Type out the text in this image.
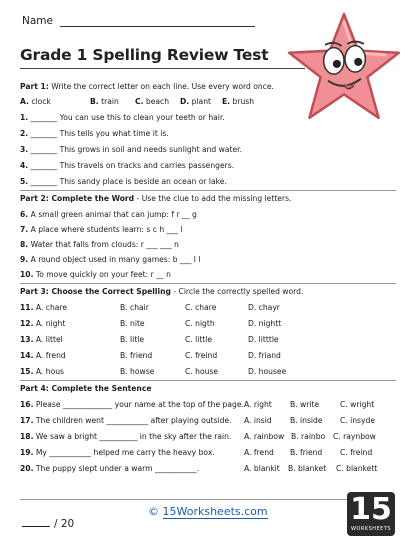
Name
Grade 1 Spelling Review Test
Part 1: Write the correct letter on each line. Use every word once.
A. clock	B. train C. beach D. plant E. brush
1. _______ You can use this to clean your teeth or hair.
2. _______ This tells you what time it is.
3. _______ This grows in soil and needs sunlight and water.
4. _______ This travels on tracks and carries passengers.
5. _______ This sandy place is beside an ocean or lake.
Part 2: Complete the Word - Use the clue to add the missing letters.
6. A small green animal that can jump: f r __ g
7. A place where students learn: s c h ___ l
8. Water that falls from clouds: r ___ ___ n
9. A round object used in many games: b ___ l l
10. To move quickly on your feet: r __ n
Part 3: Choose the Correct Spelling - Circle the correctly spelled word.
11. A. chare	B. chair	C. chare	D. chayr
12. A. night	B. nite	C. nigth	D. nightt
13. A. littel	B. litle	C. little	D. litttle
14. A. frend	B. friend	C. freind	D. friand
15. A. hous	B. howse	C. house	D. housee
Part 4: Complete the Sentence
16. Please _____________ your name at the top of the page. A. right B. write	C. wright
17. The children went ___________ after playing outside. A. insid B. inside C. insyde
18. We saw a bright __________ in the sky after the rain. A. rainbow B. rainbo C. raynbow
19. My ___________ helped me carry the heavy box.	A. frend B. friend C. freind
20. The puppy slept under a warm ___________.	A. blankit B. blanket C. blankett
© 15Worksheets.com
/ 20	15
WORKSHEETS
